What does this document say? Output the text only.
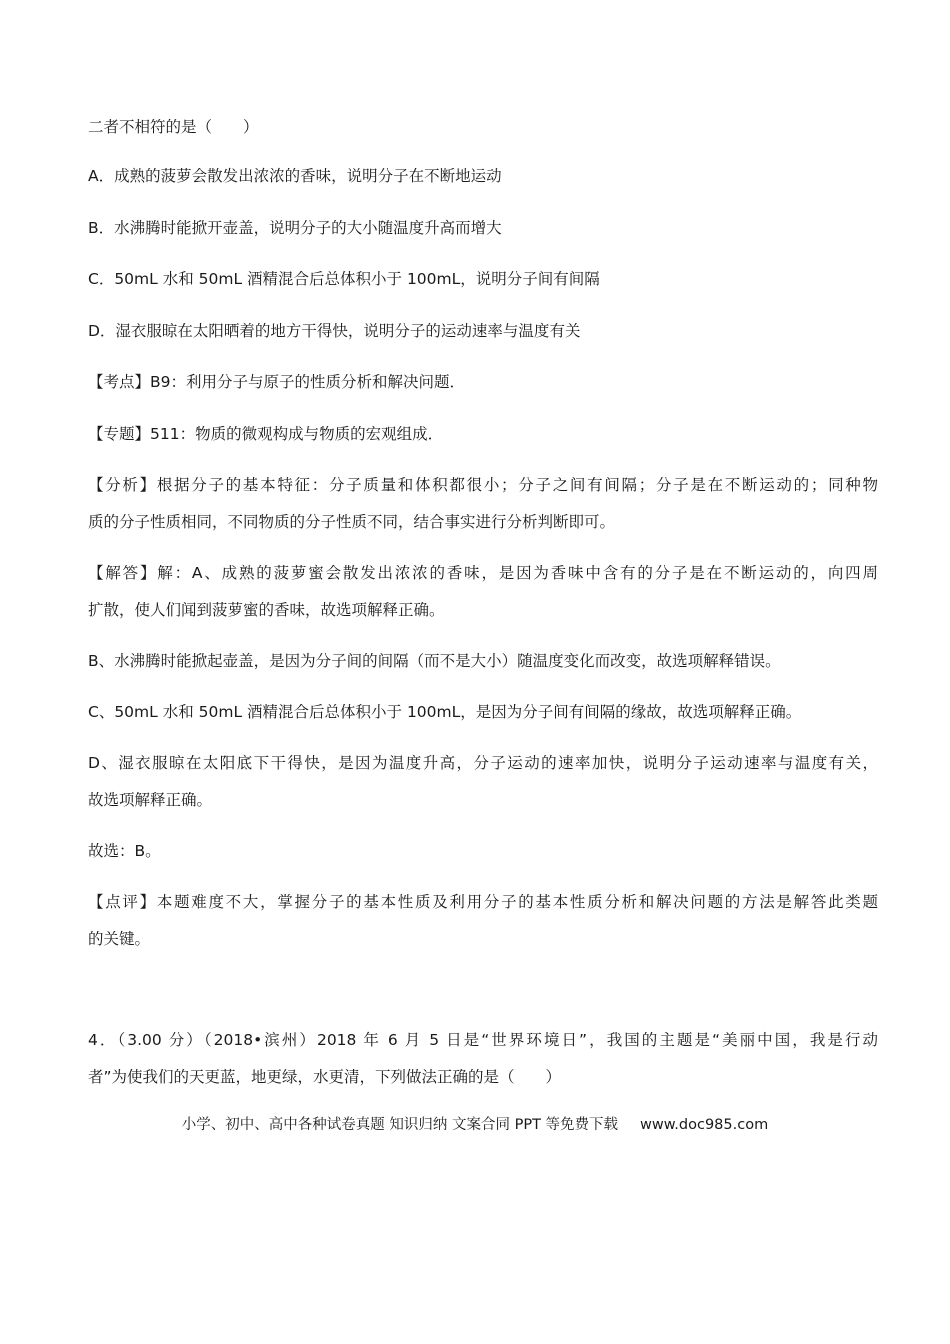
二者不相符的是（　　）
A．成熟的菠萝会散发出浓浓的香味，说明分子在不断地运动
B．水沸腾时能掀开壶盖，说明分子的大小随温度升高而增大
C．50mL 水和 50mL 酒精混合后总体积小于 100mL，说明分子间有间隔
D．湿衣服晾在太阳晒着的地方干得快，说明分子的运动速率与温度有关
【考点】B9：利用分子与原子的性质分析和解决问题．
【专题】511：物质的微观构成与物质的宏观组成．
【分析】根据分子的基本特征：分子质量和体积都很小；分子之间有间隔；分子是在不断运动的；同种物
质的分子性质相同，不同物质的分子性质不同，结合事实进行分析判断即可。
【解答】解：A、成熟的菠萝蜜会散发出浓浓的香味，是因为香味中含有的分子是在不断运动的，向四周
扩散，使人们闻到菠萝蜜的香味，故选项解释正确。
B、水沸腾时能掀起壶盖，是因为分子间的间隔（而不是大小）随温度变化而改变，故选项解释错误。
C、50mL 水和 50mL 酒精混合后总体积小于 100mL，是因为分子间有间隔的缘故，故选项解释正确。
D、湿衣服晾在太阳底下干得快，是因为温度升高，分子运动的速率加快，说明分子运动速率与温度有关，
故选项解释正确。
故选：B。
【点评】本题难度不大，掌握分子的基本性质及利用分子的基本性质分析和解决问题的方法是解答此类题
的关键。
4．（3.00 分）（2018•滨州）2018 年 6 月 5 日是“世界环境日”，我国的主题是“美丽中国，我是行动
者”为使我们的天更蓝，地更绿，水更清，下列做法正确的是（　　）
小学、初中、高中各种试卷真题 知识归纳 文案合同 PPT 等免费下载 www.doc985.com
